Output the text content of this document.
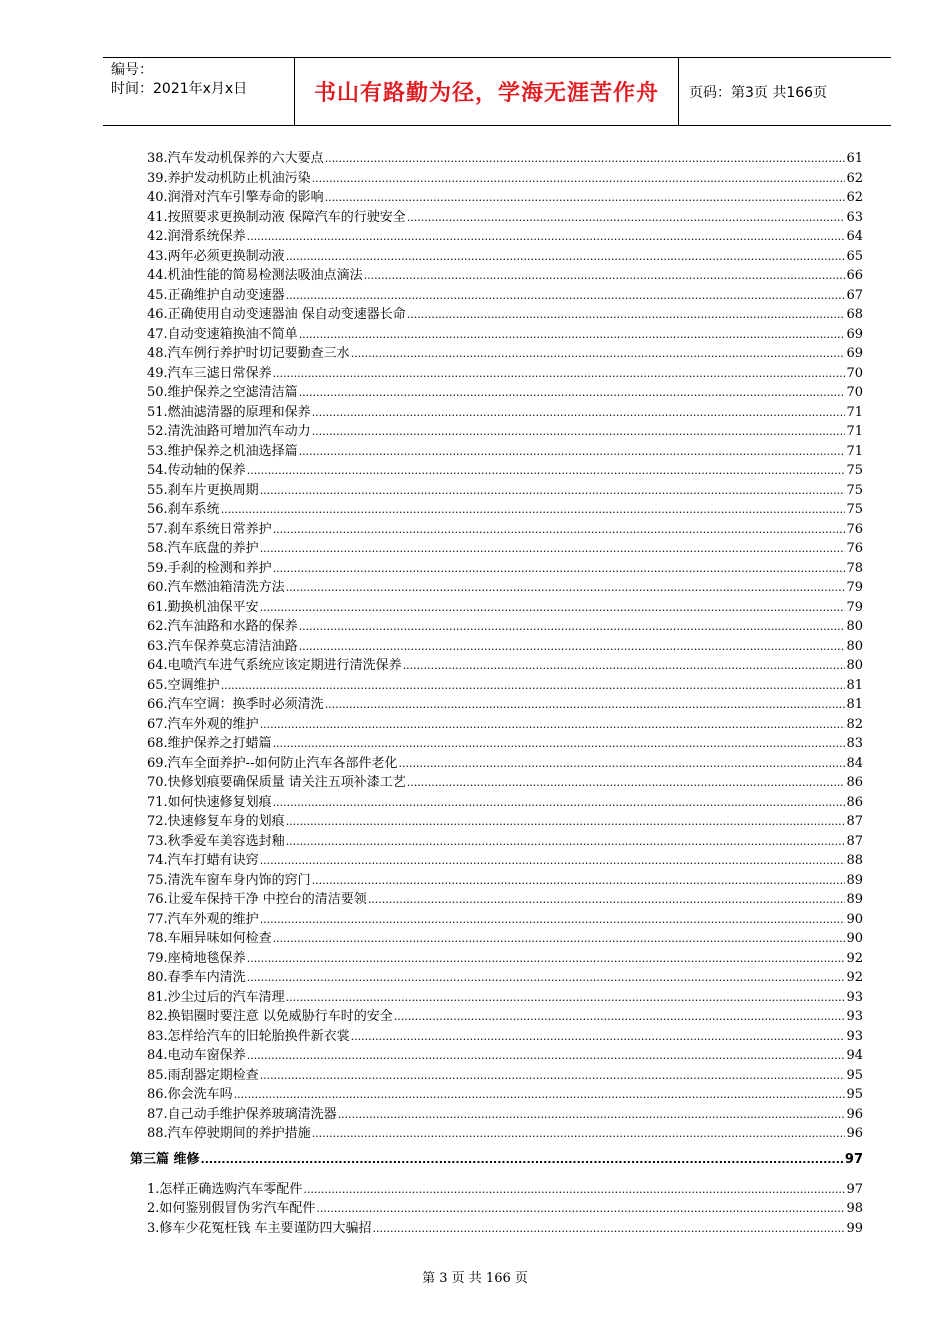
编号：
时间：2021年x月x日	书山有路勤为径，学海无涯苦作舟	页码：第3页 共166页
38.汽车发动机保养的六大要点 .....	61
39.养护发动机防止机油污染 .....	62
40.润滑对汽车引擎寿命的影响 .....	62
41.按照要求更换制动液 保障汽车的行驶安全 .....	63
42.润滑系统保养 .....	64
43.两年必须更换制动液 .....	65
44.机油性能的简易检测法吸油点滴法 .....	66
45.正确维护自动变速器 .....	67
46.正确使用自动变速器油 保自动变速器长命 .....	68
47.自动变速箱换油不简单 .....	69
48.汽车例行养护时切记要勤查三水 .....	69
49.汽车三滤日常保养 .....	70
50.维护保养之空滤清洁篇 .....	70
51.燃油滤清器的原理和保养 .....	71
52.清洗油路可增加汽车动力 .....	71
53.维护保养之机油选择篇 .....	71
54.传动轴的保养 .....	75
55.刹车片更换周期 .....	75
56.刹车系统 .....	75
57.刹车系统日常养护 .....	76
58.汽车底盘的养护 .....	76
59.手刹的检测和养护 .....	78
60.汽车燃油箱清洗方法 .....	79
61.勤换机油保平安 .....	79
62.汽车油路和水路的保养 .....	80
63.汽车保养莫忘清洁油路 .....	80
64.电喷汽车进气系统应该定期进行清洗保养 .....	80
65.空调维护 .....	81
66.汽车空调：换季时必须清洗 .....	81
67.汽车外观的维护 .....	82
68.维护保养之打蜡篇 .....	83
69.汽车全面养护--如何防止汽车各部件老化 .....	84
70.快修划痕要确保质量 请关注五项补漆工艺 .....	86
71.如何快速修复划痕 .....	86
72.快速修复车身的划痕 .....	87
73.秋季爱车美容选封釉 .....	87
74.汽车打蜡有诀窍 .....	88
75.清洗车窗车身内饰的窍门 .....	89
76.让爱车保持干净 中控台的清洁要领 .....	89
77.汽车外观的维护 .....	90
78.车厢异味如何检查 .....	90
79.座椅地毯保养 .....	92
80.春季车内清洗 .....	92
81.沙尘过后的汽车清理 .....	93
82.换铝圈时要注意 以免威胁行车时的安全 .....	93
83.怎样给汽车的旧轮胎换件新衣裳 .....	93
84.电动车窗保养 .....	94
85.雨刮器定期检查 .....	95
86.你会洗车吗 .....	95
87.自己动手维护保养玻璃清洗器 .....	96
88.汽车停驶期间的养护措施 .....	96
第三篇 维修 .....	97
1.怎样正确选购汽车零配件 .....	97
2.如何鉴别假冒伪劣汽车配件 .....	98
3.修车少花冤枉钱 车主要谨防四大骗招 .....	99
第 3 页 共 166 页
